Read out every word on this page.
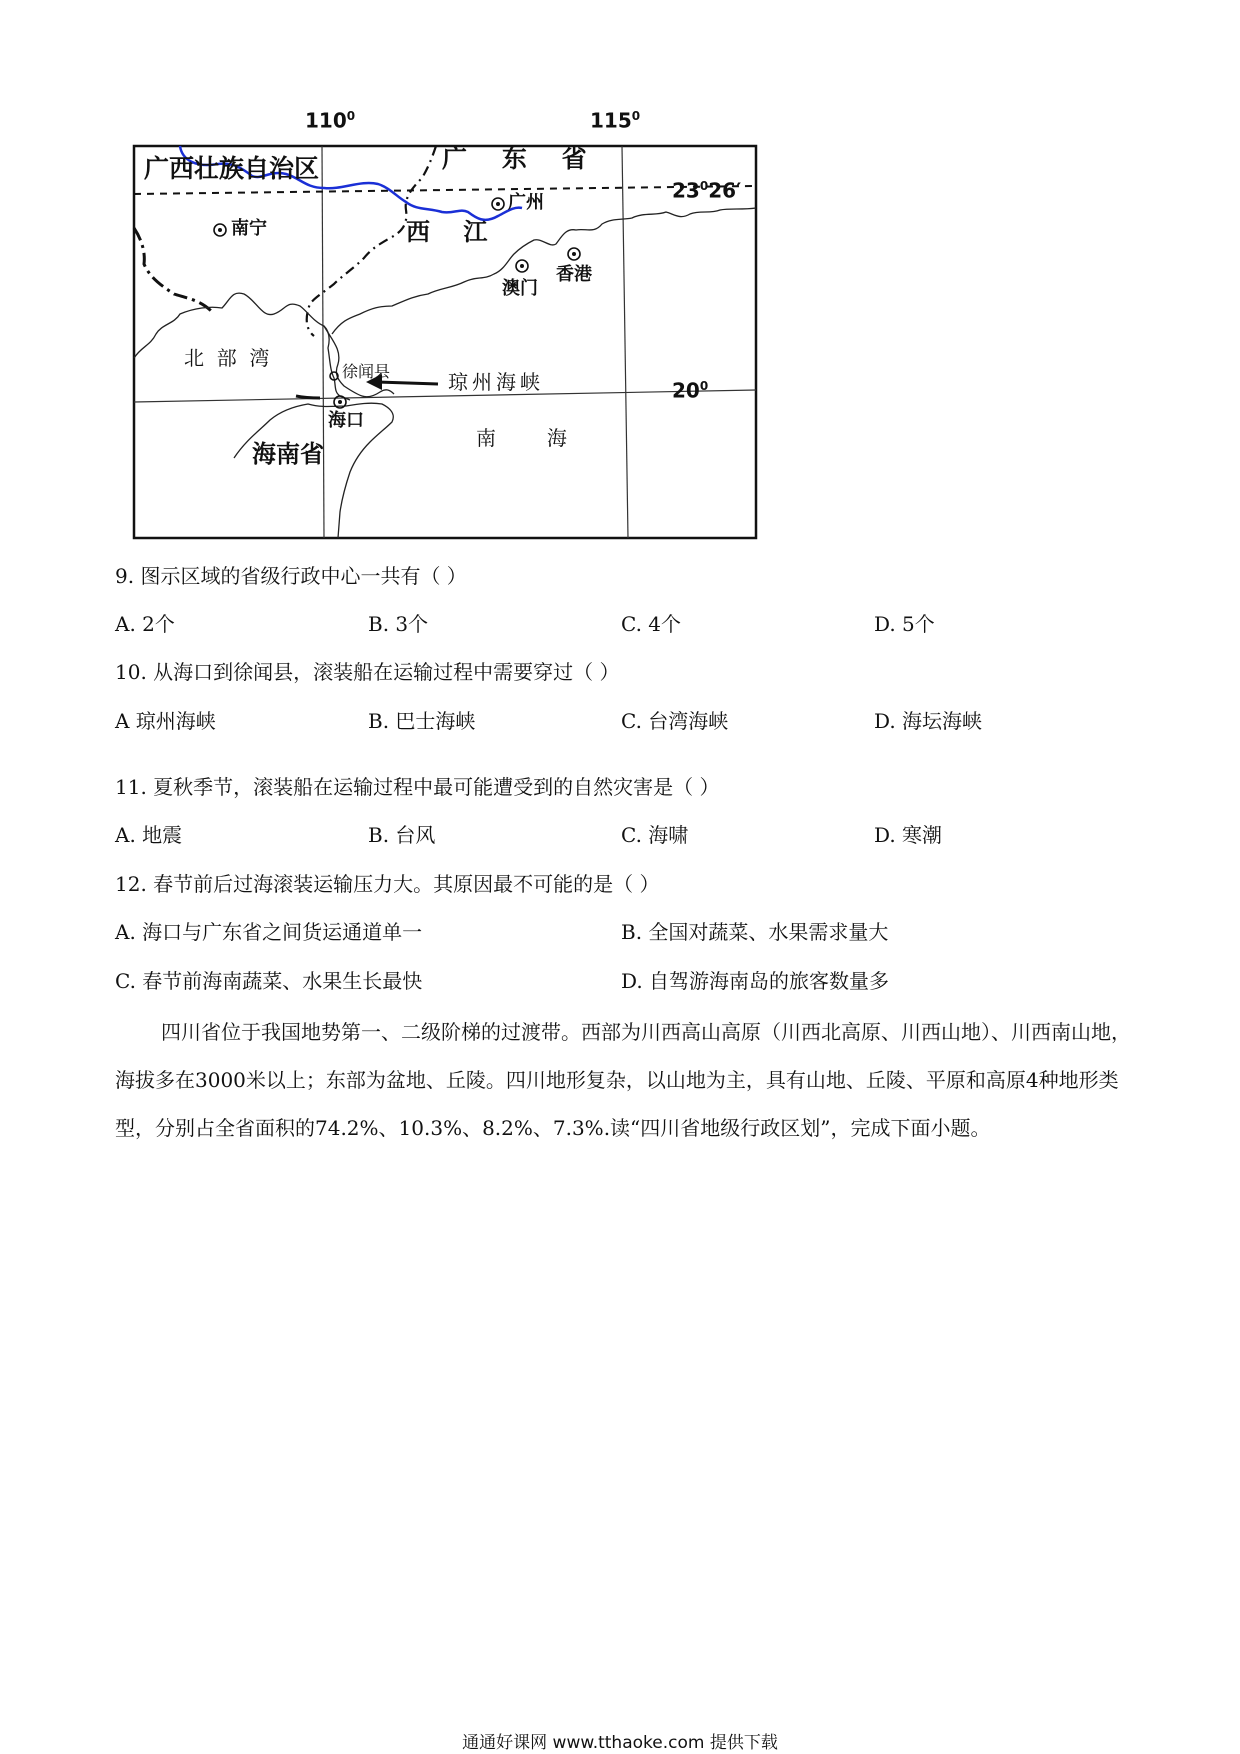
$110^0$	$115^0$
$23^026'$
$20^0$
广西壮族自治区	广    东    省
西    江
南宁
广州
澳门
香港
北  部  湾
徐闻县	琼州海峡
海口
海南省
南        海
9. 图示区域的省级行政中心一共有（ ）
A. 2个	B. 3个	C. 4个	D. 5个
10. 从海口到徐闻县，滚装船在运输过程中需要穿过（ ）
A 琼州海峡	B. 巴士海峡	C. 台湾海峡	D. 海坛海峡
11. 夏秋季节，滚装船在运输过程中最可能遭受到的自然灾害是（ ）
A. 地震	B. 台风	C. 海啸	D. 寒潮
12. 春节前后过海滚装运输压力大。其原因最不可能的是（ ）
A. 海口与广东省之间货运通道单一	B. 全国对蔬菜、水果需求量大
C. 春节前海南蔬菜、水果生长最快	D. 自驾游海南岛的旅客数量多

四川省位于我国地势第一、二级阶梯的过渡带。西部为川西高山高原（川西北高原、川西山地）、川西南山地，海拔多在3000米以上；东部为盆地、丘陵。四川地形复杂，以山地为主，具有山地、丘陵、平原和高原4种地形类型，分别占全省面积的74.2%、10.3%、8.2%、7.3%.读“四川省地级行政区划”，完成下面小题。

通通好课网 www.tthaoke.com 提供下载
